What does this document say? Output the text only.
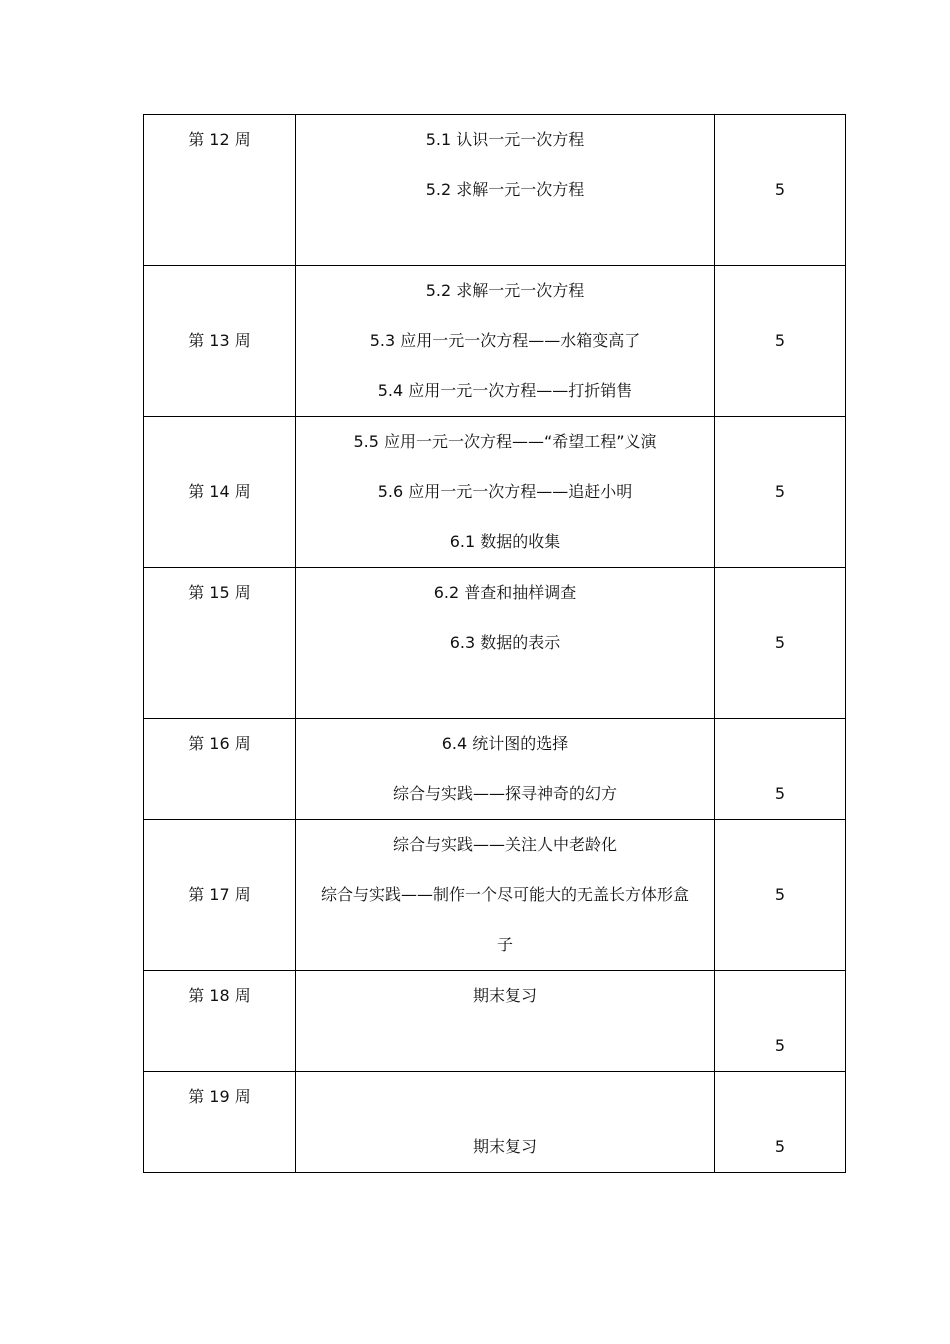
第 12 周	5.1 认识一元一次方程
5.2 求解一元一次方程	5

第 13 周	5.2 求解一元一次方程
5.3 应用一元一次方程——水箱变高了
5.4 应用一元一次方程——打折销售	5

第 14 周	5.5 应用一元一次方程——“希望工程”义演
5.6 应用一元一次方程——追赶小明
6.1 数据的收集	5

第 15 周	6.2 普查和抽样调查
6.3 数据的表示	5

第 16 周	6.4 统计图的选择
综合与实践——探寻神奇的幻方	5

第 17 周	综合与实践——关注人中老龄化
综合与实践——制作一个尽可能大的无盖长方体形盒
子	5

第 18 周	期末复习	5

第 19 周	期末复习	5
